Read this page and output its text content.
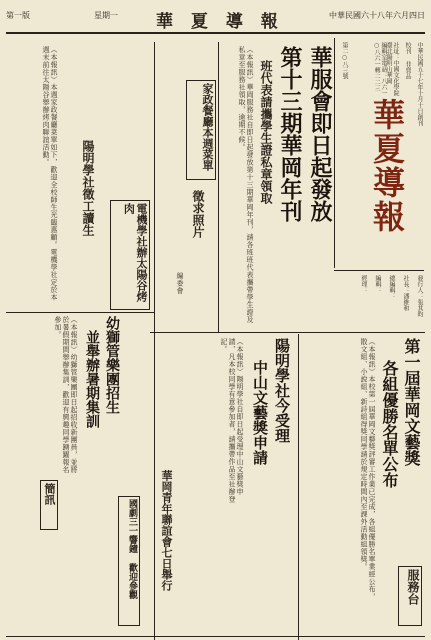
第一版	星期一 華 夏 導 報	中華民國六十八年六月四日
中華民國五十七年十月十日創刊
校刊 非賣品
社址：中國文化學院 臺北陽明山華岡
編輯室電話：八六一○八六一轉二二三
華夏導報
第二○八三號
發行人：張其昀
社長：潘維和
總編輯：
編輯：
經理：
第一屆華岡文藝獎
各組優勝名單公布
（本報訊）本校第一屆華岡文藝獎評審工作業已完成，各組優勝名單業經公布，散文組、小說組、新詩組得獎同學請於規定時間內至課外活動組領獎。
服務台
華服會即日起發放
第十三期華岡年刊
班代表請攜學生證私章領取
（本報訊）華岡服務社自即日起發放第十三期華岡年刊，請各班班代表攜帶學生證及私章至服務社領取，逾期不候。
徵求照片
編委會
家政餐廳本週菜單
陽明學社今受理
中山文藝獎申請
（本報訊）陽明學社自即日起受理中山文藝獎申請，凡本校同學有意參加者，請攜帶作品至社辦登記。
華岡青年聯誼會七日舉行
國劇三一響鐘 歡迎參觀
電機學社辦太陽谷烤肉
幼獅管樂團招生
並舉辦暑期集訓
（本報訊）幼獅管樂團即日起招收新團員，並將於暑假期間舉辦集訓，歡迎有興趣同學踴躍報名參加。
陽明學社徵工讀生
（本報訊）本週家政餐廳菜單如下，歡迎全校師生光臨惠顧。電機學社定於本週末前往太陽谷舉辦烤肉聯誼活動。
簡訊
